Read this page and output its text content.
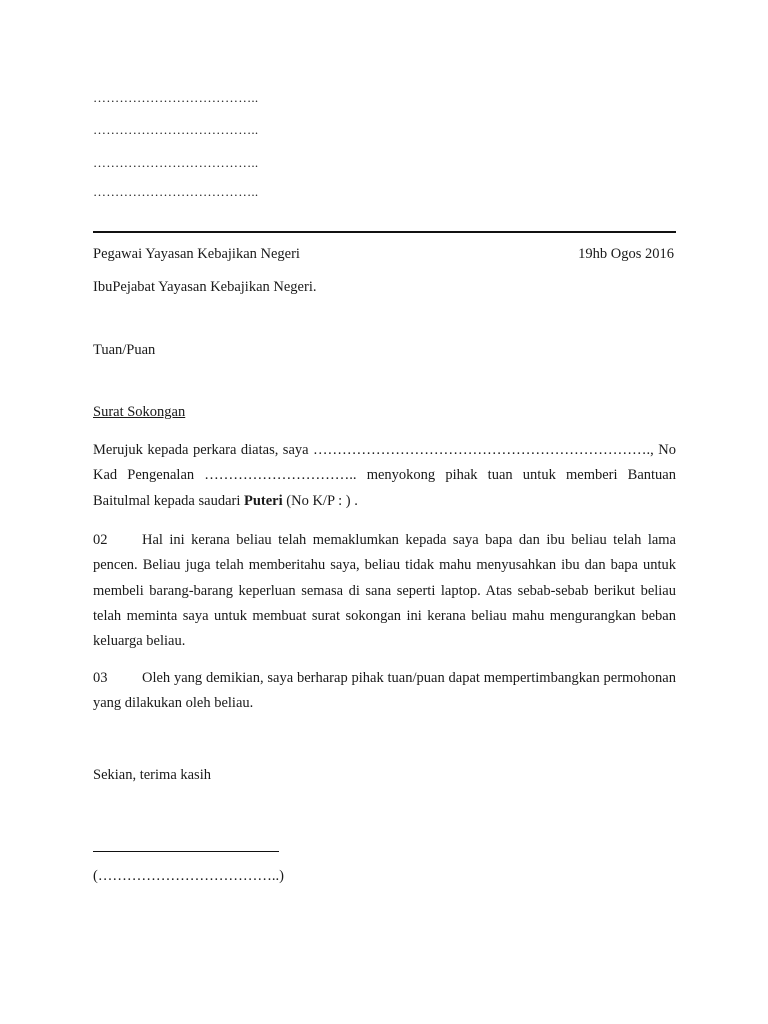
………………………………..
………………………………..
………………………………..
………………………………..
Pegawai Yayasan Kebajikan Negeri	19hb Ogos 2016
IbuPejabat Yayasan Kebajikan Negeri.
Tuan/Puan
Surat Sokongan
Merujuk kepada perkara diatas, saya ……………………………………………………………., No Kad Pengenalan ………………………….. menyokong pihak tuan untuk memberi Bantuan Baitulmal kepada saudari Puteri (No K/P : ) .
02 Hal ini kerana beliau telah memaklumkan kepada saya bapa dan ibu beliau telah lama pencen. Beliau juga telah memberitahu saya, beliau tidak mahu menyusahkan ibu dan bapa untuk membeli barang-barang keperluan semasa di sana seperti laptop. Atas sebab-sebab berikut beliau telah meminta saya untuk membuat surat sokongan ini kerana beliau mahu mengurangkan beban keluarga beliau.
03 Oleh yang demikian, saya berharap pihak tuan/puan dapat mempertimbangkan permohonan yang dilakukan oleh beliau.
Sekian, terima kasih
(………………………………..)
